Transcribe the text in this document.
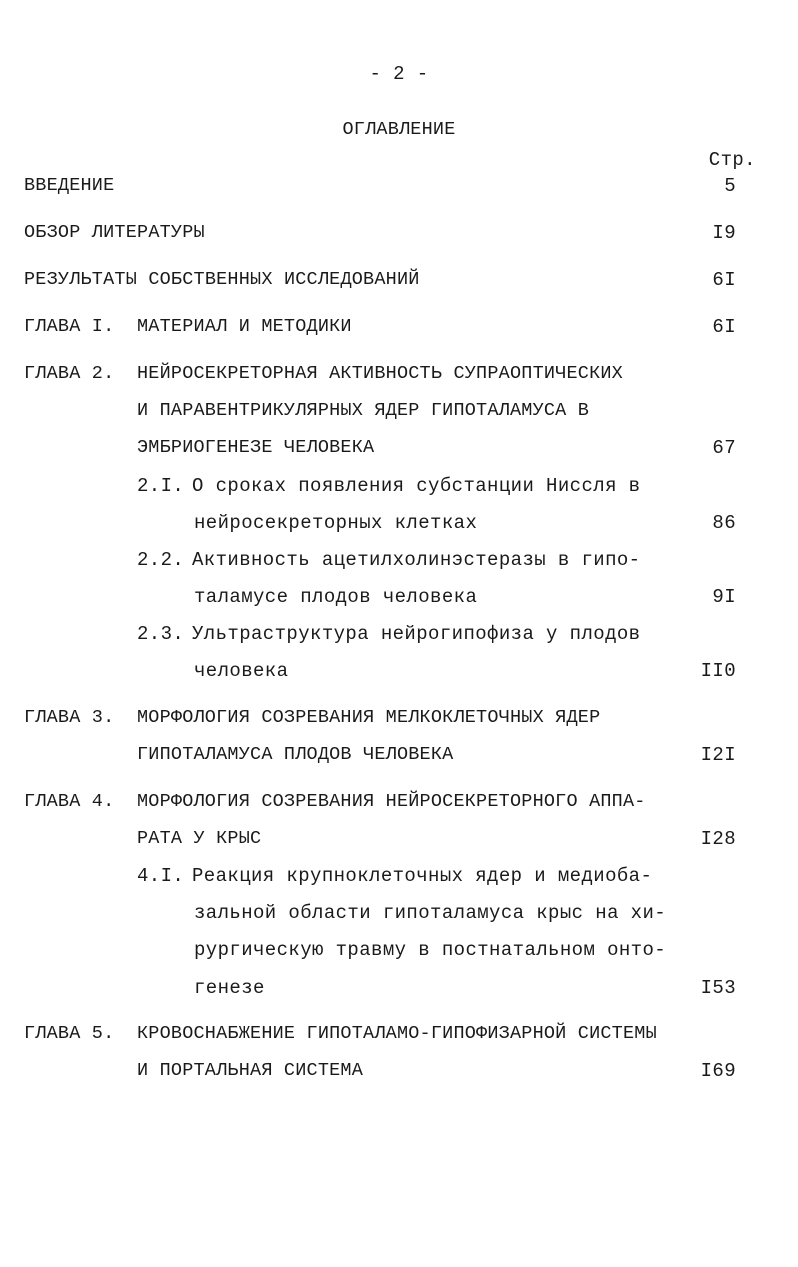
- 2 -
ОГЛАВЛЕНИЕ
Стр.
ВВЕДЕНИЕ	5
ОБЗОР ЛИТЕРАТУРЫ	I9
РЕЗУЛЬТАТЫ СОБСТВЕННЫХ ИССЛЕДОВАНИЙ	6I
ГЛАВА I. МАТЕРИАЛ И МЕТОДИКИ	6I
ГЛАВА 2. НЕЙРОСЕКРЕТОРНАЯ АКТИВНОСТЬ СУПРАОПТИЧЕСКИХ
И ПАРАВЕНТРИКУЛЯРНЫХ ЯДЕР ГИПОТАЛАМУСА В
ЭМБРИОГЕНЕЗЕ ЧЕЛОВЕКА	67
2.I. О сроках появления субстанции Ниссля в
нейросекреторных клетках	86
2.2. Активность ацетилхолинэстеразы в гипо-
таламусе плодов человека	9I
2.3. Ультраструктура нейрогипофиза у плодов
человека	II0
ГЛАВА 3. МОРФОЛОГИЯ СОЗРЕВАНИЯ МЕЛКОКЛЕТОЧНЫХ ЯДЕР
ГИПОТАЛАМУСА ПЛОДОВ ЧЕЛОВЕКА	I2I
ГЛАВА 4. МОРФОЛОГИЯ СОЗРЕВАНИЯ НЕЙРОСЕКРЕТОРНОГО АППА-
РАТА У КРЫС	I28
4.I. Реакция крупноклеточных ядер и медиоба-
зальной области гипоталамуса крыс на хи-
рургическую травму в постнатальном онто-
генезе	I53
ГЛАВА 5. КРОВОСНАБЖЕНИЕ ГИПОТАЛАМО-ГИПОФИЗАРНОЙ СИСТЕМЫ
И ПОРТАЛЬНАЯ СИСТЕМА	I69
